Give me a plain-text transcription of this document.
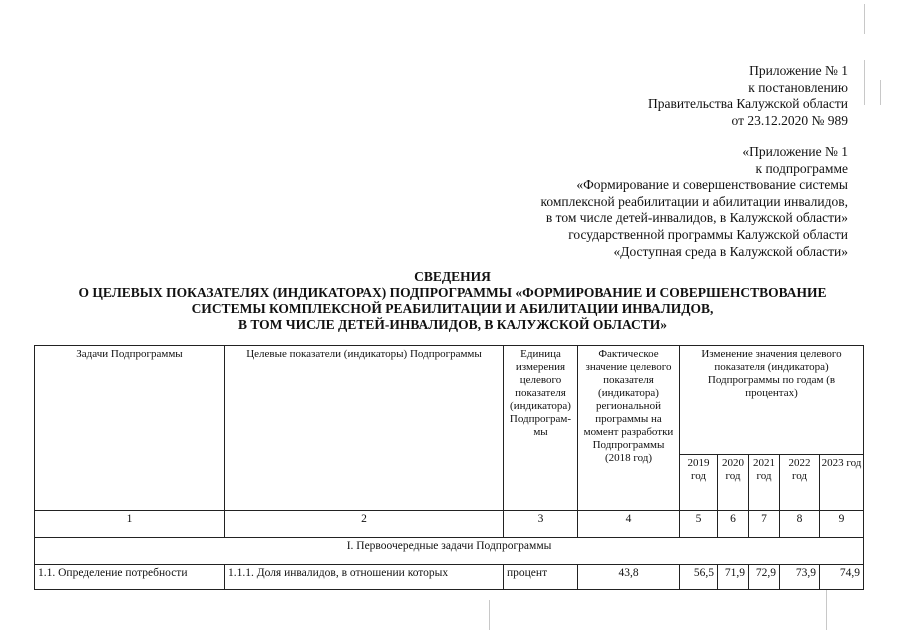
Приложение № 1
к постановлению
Правительства Калужской области
от 23.12.2020 № 989
«Приложение № 1
к подпрограмме
«Формирование и совершенствование системы
комплексной реабилитации и абилитации инвалидов,
в том числе детей-инвалидов, в Калужской области»
государственной программы Калужской области
«Доступная среда в Калужской области»
СВЕДЕНИЯ
О ЦЕЛЕВЫХ ПОКАЗАТЕЛЯХ (ИНДИКАТОРАХ) ПОДПРОГРАММЫ «ФОРМИРОВАНИЕ И СОВЕРШЕНСТВОВАНИЕ
СИСТЕМЫ КОМПЛЕКСНОЙ РЕАБИЛИТАЦИИ И АБИЛИТАЦИИ ИНВАЛИДОВ,
В ТОМ ЧИСЛЕ ДЕТЕЙ-ИНВАЛИДОВ, В КАЛУЖСКОЙ ОБЛАСТИ»
Задачи Подпрограммы	Целевые показатели (индикаторы) Подпрограммы	Единица измерения целевого показателя (индикатора) Подпрограм-мы	Фактическое значение целевого показателя (индикатора) региональной программы на момент разработки Подпрограммы (2018 год)	Изменение значения целевого показателя (индикатора) Подпрограммы по годам (в процентах)				
				2019 год	2020 год	2021 год	2022 год	2023 год
1	2	3	4	5	6	7	8	9
I. Первоочередные задачи Подпрограммы								
1.1. Определение потребности	1.1.1. Доля инвалидов, в отношении которых	процент	43,8	56,5	71,9	72,9	73,9	74,9
